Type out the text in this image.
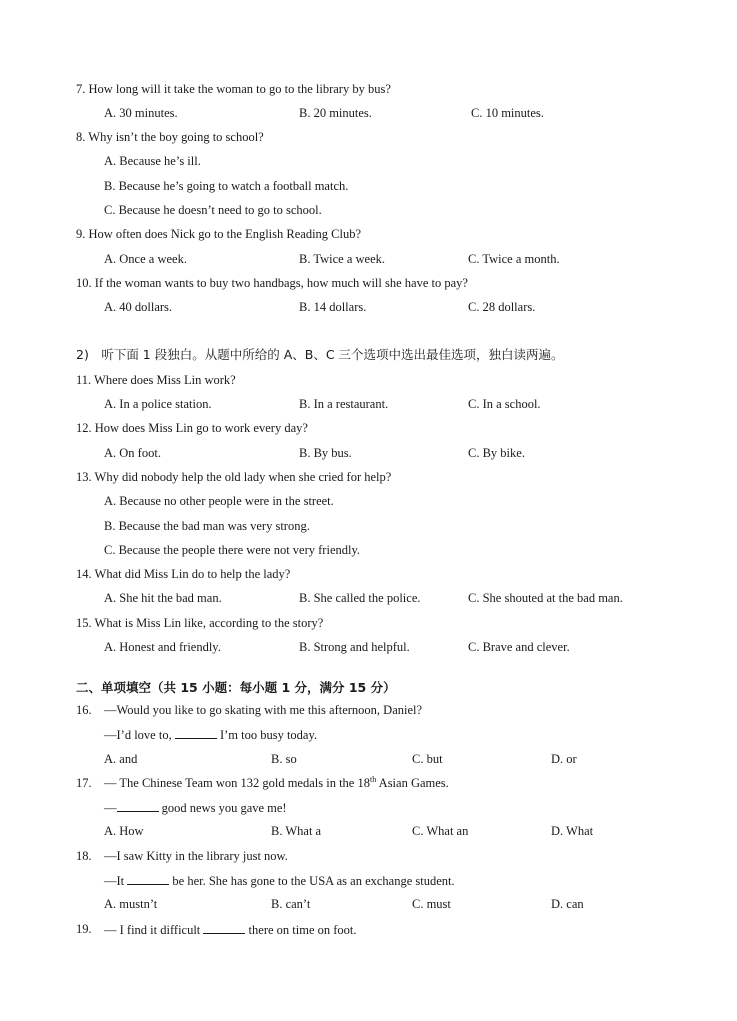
7. How long will it take the woman to go to the library by bus?
A. 30 minutes.	B. 20 minutes.	C. 10 minutes.
8. Why isn’t the boy going to school?
A. Because he’s ill.
B. Because he’s going to watch a football match.
C. Because he doesn’t need to go to school.
9. How often does Nick go to the English Reading Club?
A. Once a week.	B. Twice a week.	C. Twice a month.
10. If the woman wants to buy two handbags, how much will she have to pay?
A. 40 dollars.	B. 14 dollars.	C. 28 dollars.
2)　听下面 1 段独白。从题中所给的 A、B、C 三个选项中选出最佳选项，独白读两遍。
11. Where does Miss Lin work?
A. In a police station.	B. In a restaurant.	C. In a school.
12. How does Miss Lin go to work every day?
A. On foot.	B. By bus.	C. By bike.
13. Why did nobody help the old lady when she cried for help?
A. Because no other people were in the street.
B. Because the bad man was very strong.
C. Because the people there were not very friendly.
14. What did Miss Lin do to help the lady?
A. She hit the bad man.	B. She called the police.	C. She shouted at the bad man.
15. What is Miss Lin like, according to the story?
A. Honest and friendly.	B. Strong and helpful.	C. Brave and clever.
二、单项填空（共 15 小题：每小题 1 分，满分 15 分）
16. —Would you like to go skating with me this afternoon, Daniel?
—I’d love to,	I’m too busy today.
A. and	B. so	C. but	D. or
17. — The Chinese Team won 132 gold medals in the 18th Asian Games.
—	good news you gave me!
A. How	B. What a	C. What an	D. What
18. —I saw Kitty in the library just now.
—It	be her. She has gone to the USA as an exchange student.
A. mustn’t	B. can’t	C. must	D. can
19. — I find it difficult	there on time on foot.
